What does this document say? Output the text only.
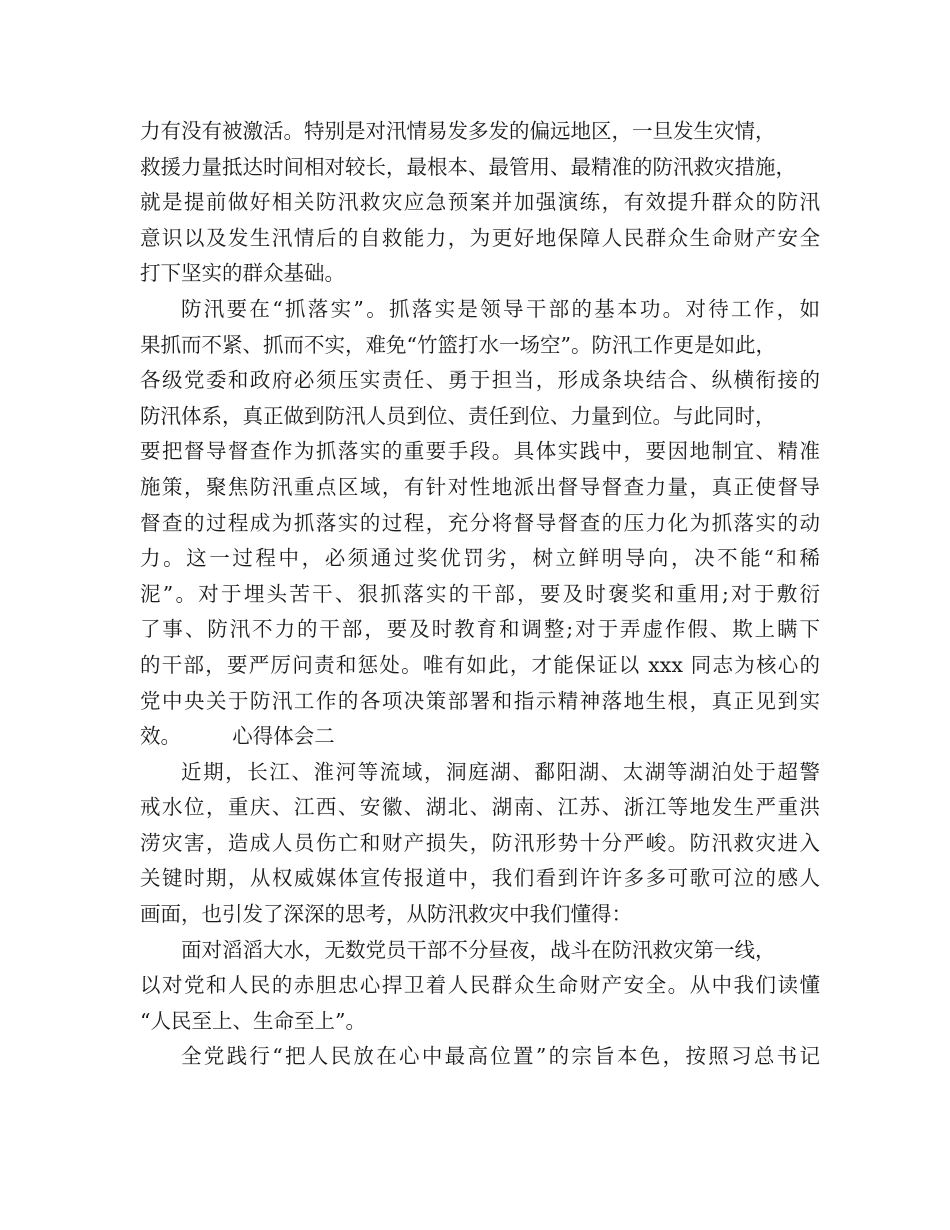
力有没有被激活。特别是对汛情易发多发的偏远地区，一旦发生灾情，
救援力量抵达时间相对较长，最根本、最管用、最精准的防汛救灾措施，
就是提前做好相关防汛救灾应急预案并加强演练，有效提升群众的防汛
意识以及发生汛情后的自救能力，为更好地保障人民群众生命财产安全
打下坚实的群众基础。
防汛要在“抓落实”。抓落实是领导干部的基本功。对待工作，如
果抓而不紧、抓而不实，难免“竹篮打水一场空”。防汛工作更是如此，
各级党委和政府必须压实责任、勇于担当，形成条块结合、纵横衔接的
防汛体系，真正做到防汛人员到位、责任到位、力量到位。与此同时，
要把督导督查作为抓落实的重要手段。具体实践中，要因地制宜、精准
施策，聚焦防汛重点区域，有针对性地派出督导督查力量，真正使督导
督查的过程成为抓落实的过程，充分将督导督查的压力化为抓落实的动
力。这一过程中，必须通过奖优罚劣，树立鲜明导向，决不能“和稀
泥”。对于埋头苦干、狠抓落实的干部，要及时褒奖和重用;对于敷衍
了事、防汛不力的干部，要及时教育和调整;对于弄虚作假、欺上瞒下
的干部，要严厉问责和惩处。唯有如此，才能保证以 xxx 同志为核心的
党中央关于防汛工作的各项决策部署和指示精神落地生根，真正见到实
效。　　　心得体会二
近期，长江、淮河等流域，洞庭湖、鄱阳湖、太湖等湖泊处于超警
戒水位，重庆、江西、安徽、湖北、湖南、江苏、浙江等地发生严重洪
涝灾害，造成人员伤亡和财产损失，防汛形势十分严峻。防汛救灾进入
关键时期，从权威媒体宣传报道中，我们看到许许多多可歌可泣的感人
画面，也引发了深深的思考，从防汛救灾中我们懂得：
面对滔滔大水，无数党员干部不分昼夜，战斗在防汛救灾第一线，
以对党和人民的赤胆忠心捍卫着人民群众生命财产安全。从中我们读懂
“人民至上、生命至上”。
全党践行“把人民放在心中最高位置”的宗旨本色，按照习总书记
